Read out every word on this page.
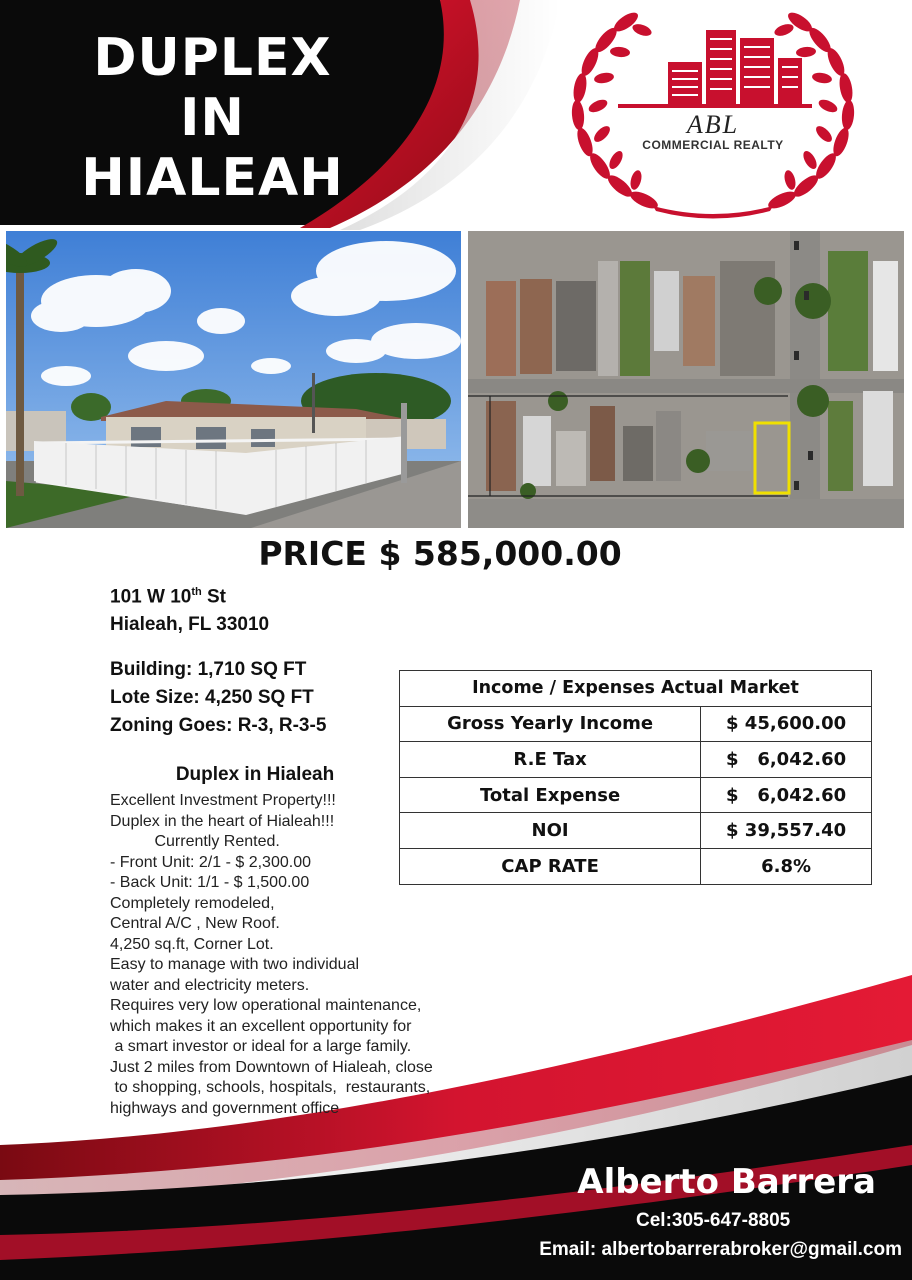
DUPLEX
IN
HIALEAH
ABL
COMMERCIAL REALTY
PRICE $ 585,000.00
101 W 10th St
Hialeah, FL 33010
Building: 1,710 SQ FT
Lote Size: 4,250 SQ FT
Zoning Goes: R-3, R-3-5
Income / Expenses Actual Market	
Gross Yearly Income	$ 45,600.00
R.E Tax	$   6,042.60
Total Expense	$   6,042.60
NOI	$ 39,557.40
CAP RATE	6.8%
Duplex in Hialeah
Excellent Investment Property!!!
Duplex in the heart of Hialeah!!!
Currently Rented.
- Front Unit: 2/1 - $ 2,300.00
- Back Unit: 1/1 - $ 1,500.00
Completely remodeled,
Central A/C , New Roof.
4,250 sq.ft, Corner Lot.
Easy to manage with two individual
water and electricity meters.
Requires very low operational maintenance,
which makes it an excellent opportunity for
a smart investor or ideal for a large family.
Just 2 miles from Downtown of Hialeah, close
to shopping, schools, hospitals,  restaurants,
highways and government office
Alberto Barrera
Cel:305-647-8805
Email: albertobarrerabroker@gmail.com
